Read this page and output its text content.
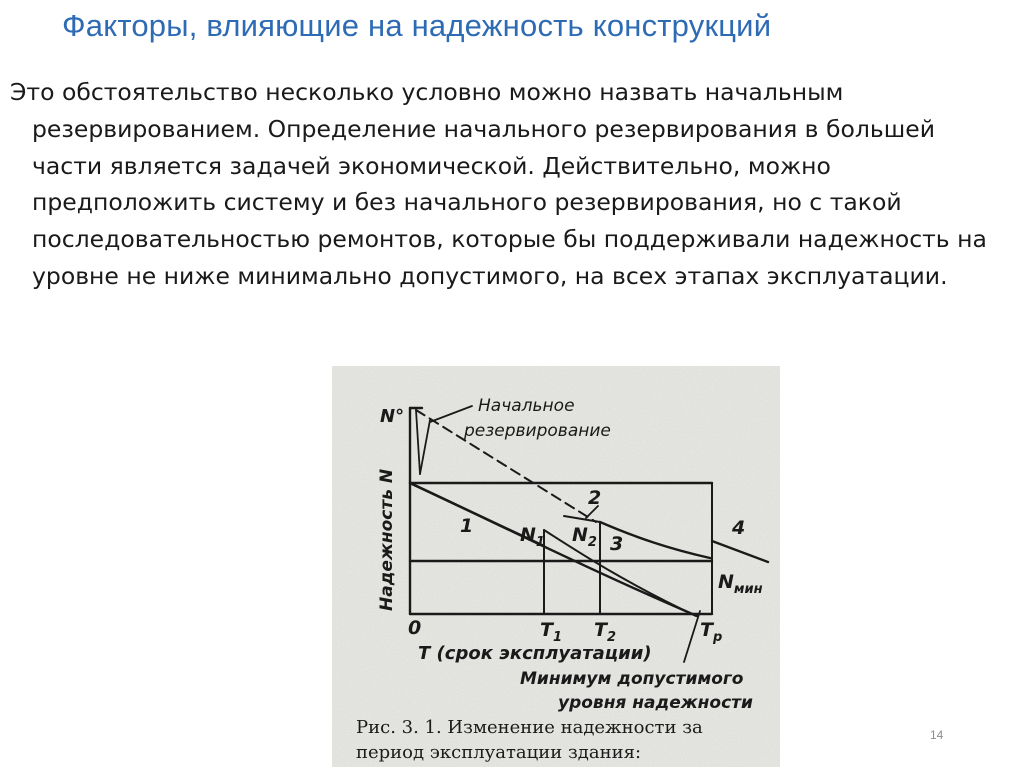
Факторы, влияющие на надежность конструкций

Это обстоятельство несколько условно можно назвать начальным резервированием. Определение начального резервирования в большей части является задачей экономической. Действительно, можно предположить систему и без начального резервирования, но с такой последовательностью ремонтов, которые бы поддерживали надежность на уровне не ниже минимально допустимого, на всех этапах эксплуатации.

Надежность N
N°	Начальное
резервирование
1
2
3
4
$N_1$ $N_2$
$N_{мин}$
0	$T_1$ $T_2$	$T_р$
T (срок эксплуатации)
Минимум допустимого
уровня надежности
Рис. 3. 1. Изменение надежности за
период эксплуатации здания:
14
